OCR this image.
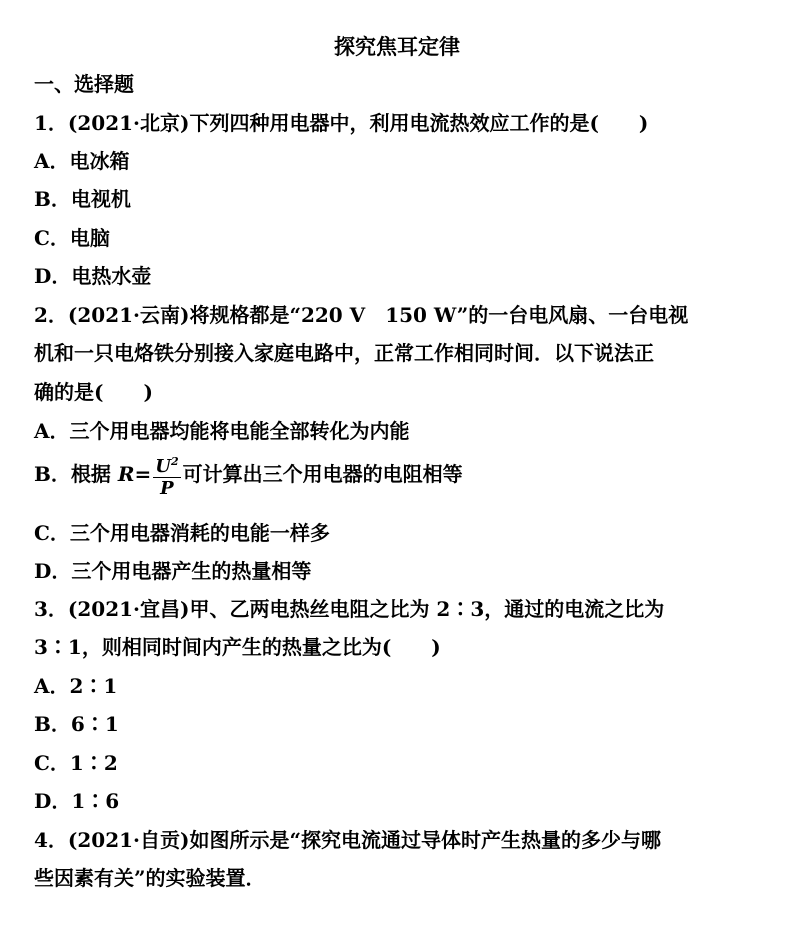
探究焦耳定律
一、选择题
1．(2021·北京)下列四种用电器中，利用电流热效应工作的是(　　)
A．电冰箱
B．电视机
C．电脑
D．电热水壶
2．(2021·云南)将规格都是“220 V　150 W”的一台电风扇、一台电视
机和一只电烙铁分别接入家庭电路中，正常工作相同时间．以下说法正
确的是(　　)
A．三个用电器均能将电能全部转化为内能
B．根据 $R= \frac{U^2}{P}$ 可计算出三个用电器的电阻相等
C．三个用电器消耗的电能一样多
D．三个用电器产生的热量相等
3．(2021·宜昌)甲、乙两电热丝电阻之比为 2∶3，通过的电流之比为
3∶1，则相同时间内产生的热量之比为(　　)
A．2∶1
B．6∶1
C．1∶2
D．1∶6
4．(2021·自贡)如图所示是“探究电流通过导体时产生热量的多少与哪
些因素有关”的实验装置．
